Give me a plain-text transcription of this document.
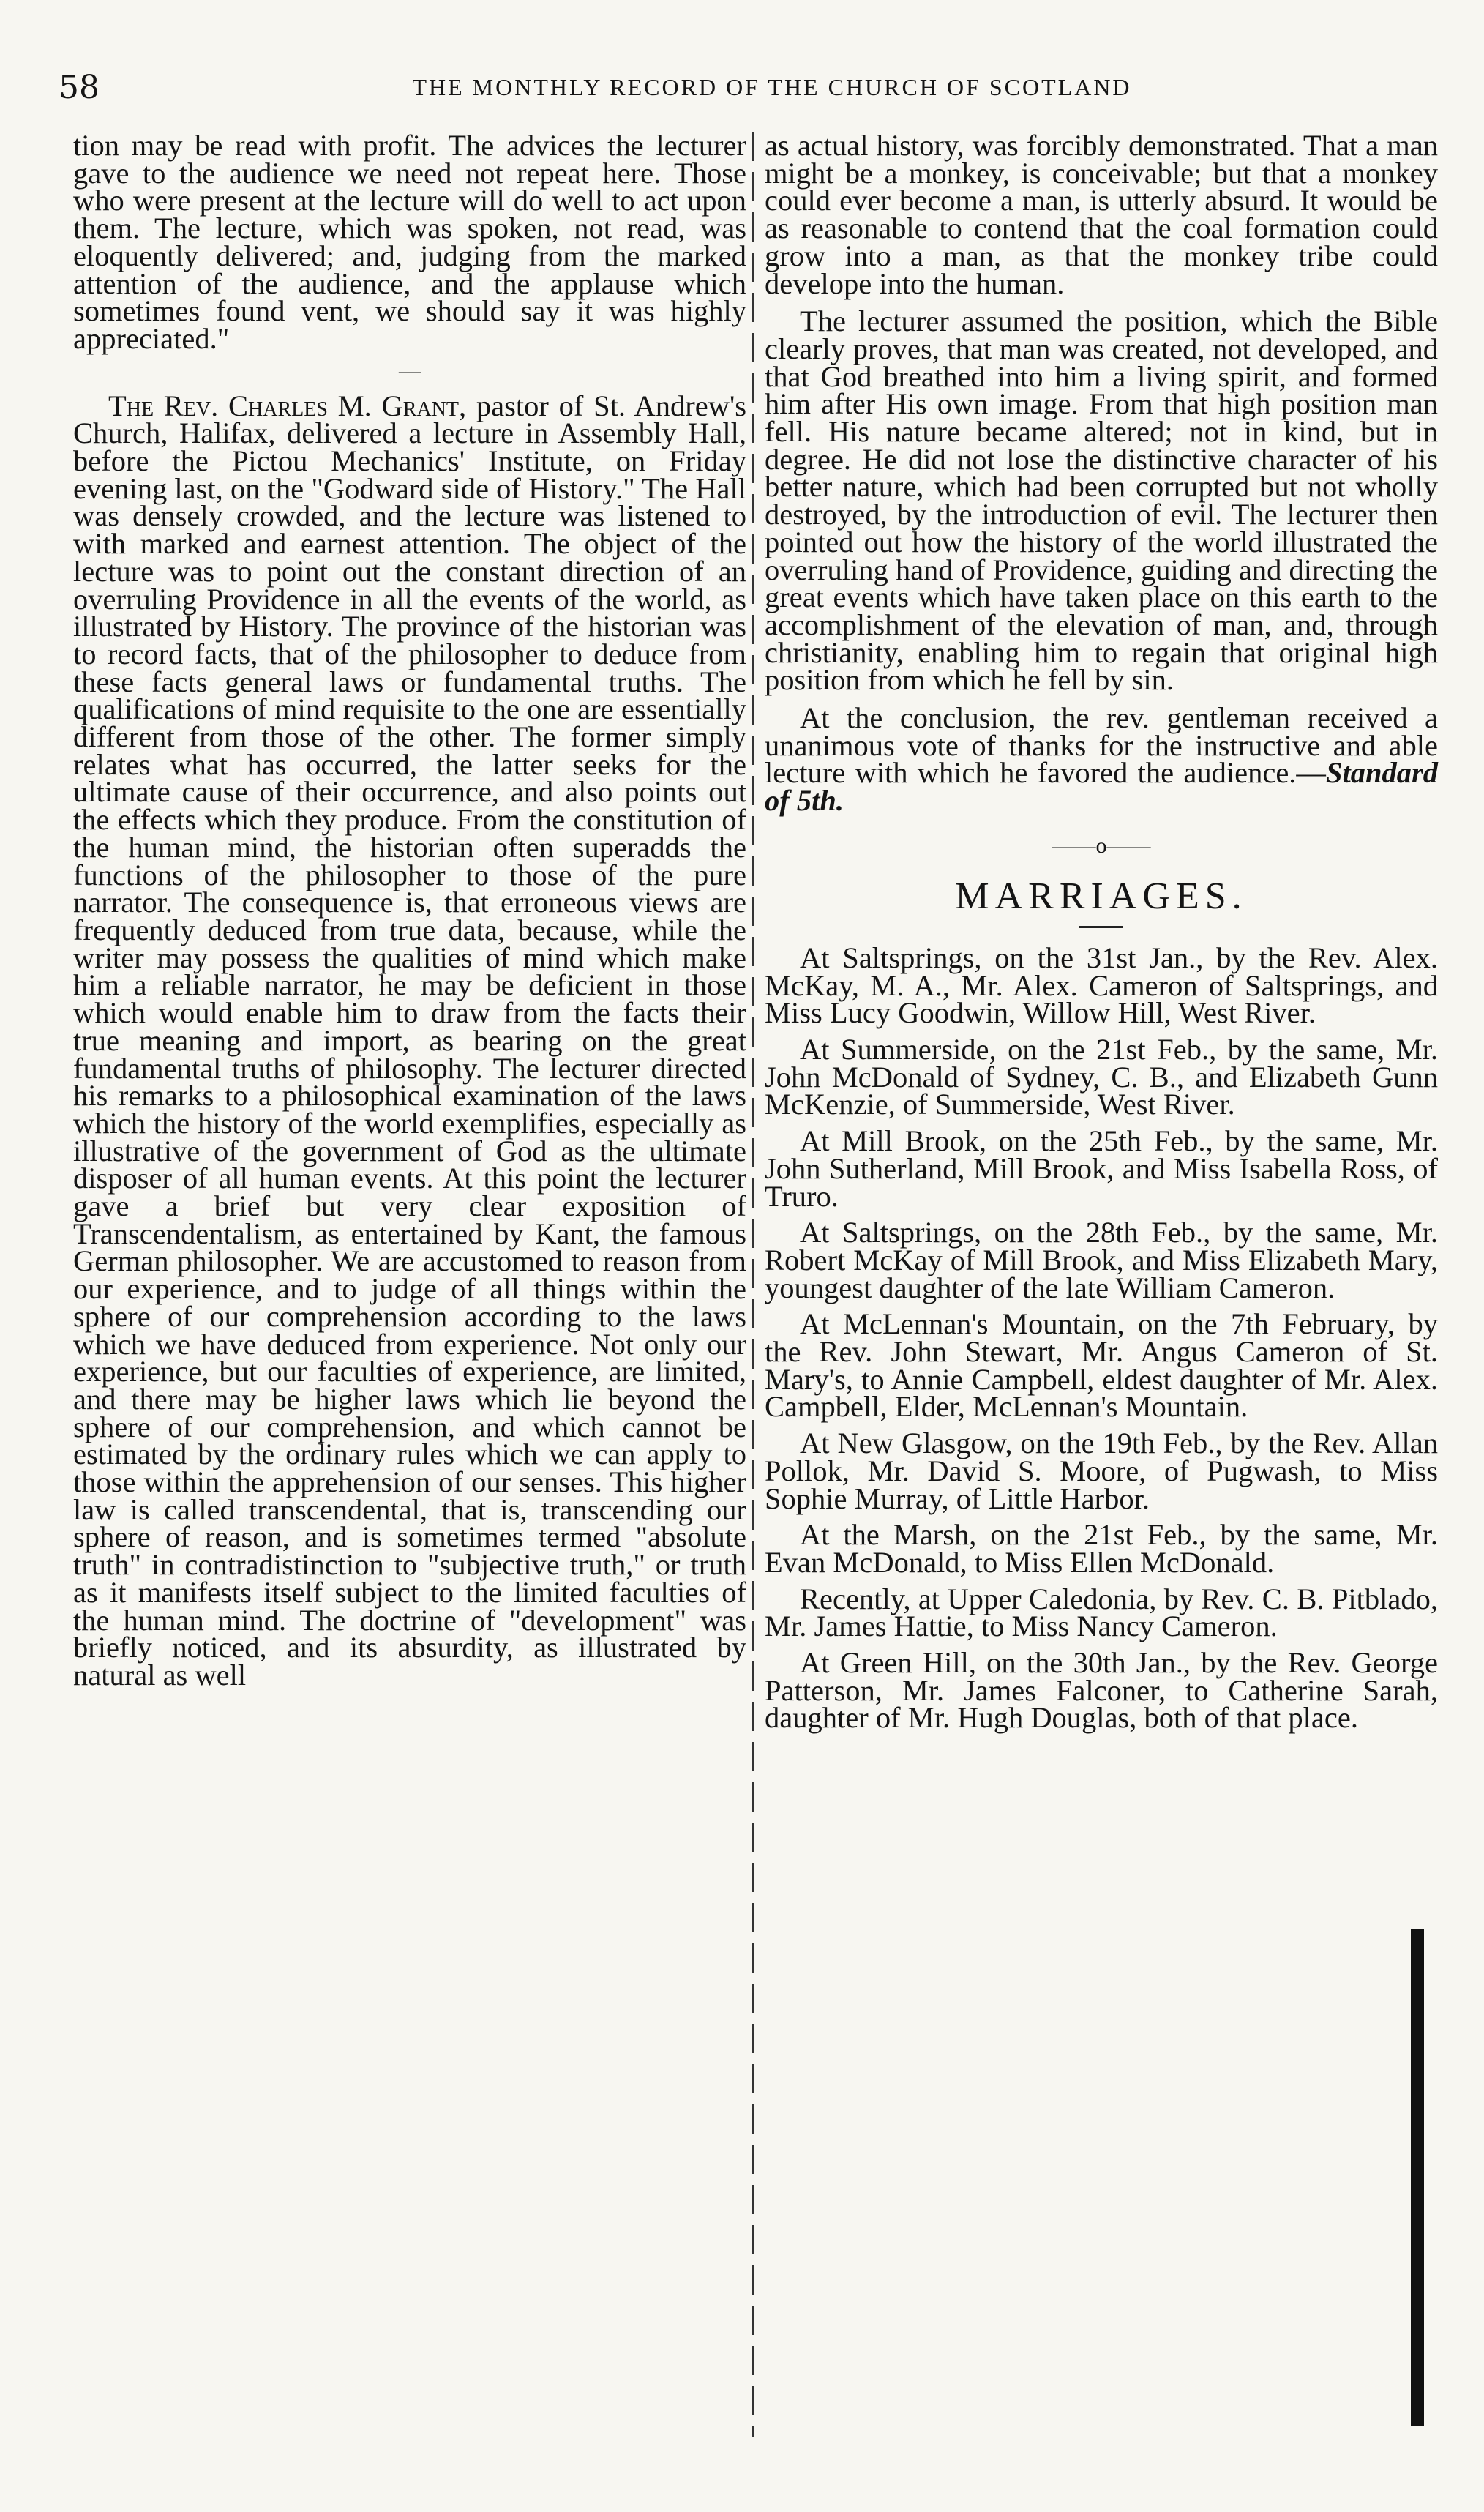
58	THE MONTHLY RECORD OF THE CHURCH OF SCOTLAND

tion may be read with profit. The advices the lecturer gave to the audience we need not repeat here. Those who were present at the lecture will do well to act upon them. The lecture, which was spoken, not read, was eloquently delivered; and, judging from the marked attention of the audience, and the applause which sometimes found vent, we should say it was highly appreciated."

—

The Rev. Charles M. Grant, pastor of St. Andrew's Church, Halifax, delivered a lecture in Assembly Hall, before the Pictou Mechanics' Institute, on Friday evening last, on the "Godward side of History." The Hall was densely crowded, and the lecture was listened to with marked and earnest attention. The object of the lecture was to point out the constant direction of an overruling Providence in all the events of the world, as illustrated by History. The province of the historian was to record facts, that of the philosopher to deduce from these facts general laws or fundamental truths. The qualifications of mind requisite to the one are essentially different from those of the other. The former simply relates what has occurred, the latter seeks for the ultimate cause of their occurrence, and also points out the effects which they produce. From the constitution of the human mind, the historian often superadds the functions of the philosopher to those of the pure narrator. The consequence is, that erroneous views are frequently deduced from true data, because, while the writer may possess the qualities of mind which make him a reliable narrator, he may be deficient in those which would enable him to draw from the facts their true meaning and import, as bearing on the great fundamental truths of philosophy. The lecturer directed his remarks to a philosophical examination of the laws which the history of the world exemplifies, especially as illustrative of the government of God as the ultimate disposer of all human events. At this point the lecturer gave a brief but very clear exposition of Transcendentalism, as entertained by Kant, the famous German philosopher. We are accustomed to reason from our experience, and to judge of all things within the sphere of our comprehension according to the laws which we have deduced from experience. Not only our experience, but our faculties of experience, are limited, and there may be higher laws which lie beyond the sphere of our comprehension, and which cannot be estimated by the ordinary rules which we can apply to those within the apprehension of our senses. This higher law is called transcendental, that is, transcending our sphere of reason, and is sometimes termed "absolute truth" in contradistinction to "subjective truth," or truth as it manifests itself subject to the limited faculties of the human mind. The doctrine of "development" was briefly noticed, and its absurdity, as illustrated by natural as well

as actual history, was forcibly demonstrated. That a man might be a monkey, is conceivable; but that a monkey could ever become a man, is utterly absurd. It would be as reasonable to contend that the coal formation could grow into a man, as that the monkey tribe could develope into the human.

The lecturer assumed the position, which the Bible clearly proves, that man was created, not developed, and that God breathed into him a living spirit, and formed him after His own image. From that high position man fell. His nature became altered; not in kind, but in degree. He did not lose the distinctive character of his better nature, which had been corrupted but not wholly destroyed, by the introduction of evil. The lecturer then pointed out how the history of the world illustrated the overruling hand of Providence, guiding and directing the great events which have taken place on this earth to the accomplishment of the elevation of man, and, through christianity, enabling him to regain that original high position from which he fell by sin.

At the conclusion, the rev. gentleman received a unanimous vote of thanks for the instructive and able lecture with which he favored the audience.—Standard of 5th.

——o——
MARRIAGES.

At Saltsprings, on the 31st Jan., by the Rev. Alex. McKay, M. A., Mr. Alex. Cameron of Saltsprings, and Miss Lucy Goodwin, Willow Hill, West River.

At Summerside, on the 21st Feb., by the same, Mr. John McDonald of Sydney, C. B., and Elizabeth Gunn McKenzie, of Summerside, West River.

At Mill Brook, on the 25th Feb., by the same, Mr. John Sutherland, Mill Brook, and Miss Isabella Ross, of Truro.

At Saltsprings, on the 28th Feb., by the same, Mr. Robert McKay of Mill Brook, and Miss Elizabeth Mary, youngest daughter of the late William Cameron.

At McLennan's Mountain, on the 7th February, by the Rev. John Stewart, Mr. Angus Cameron of St. Mary's, to Annie Campbell, eldest daughter of Mr. Alex. Campbell, Elder, McLennan's Mountain.

At New Glasgow, on the 19th Feb., by the Rev. Allan Pollok, Mr. David S. Moore, of Pugwash, to Miss Sophie Murray, of Little Harbor.

At the Marsh, on the 21st Feb., by the same, Mr. Evan McDonald, to Miss Ellen McDonald.

Recently, at Upper Caledonia, by Rev. C. B. Pitblado, Mr. James Hattie, to Miss Nancy Cameron.

At Green Hill, on the 30th Jan., by the Rev. George Patterson, Mr. James Falconer, to Catherine Sarah, daughter of Mr. Hugh Douglas, both of that place.
